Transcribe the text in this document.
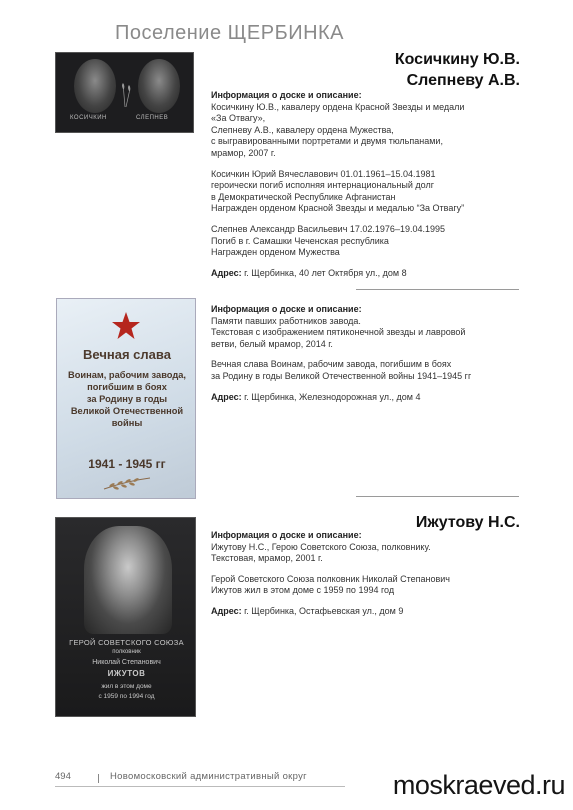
Поселение ЩЕРБИНКА
КОСИЧКИН	СЛЕПНЕВ
Косичкину Ю.В.
Слепневу А.В.

Информация о доске и описание:

Косичкину Ю.В., кавалеру ордена Красной Звезды и медали

«За Отвагу»,

Слепневу А.В., кавалеру ордена Мужества,

с выгравированными портретами и двумя тюльпанами,

мрамор, 2007 г.

Косичкин Юрий Вячеславович 01.01.1961–15.04.1981

героически погиб исполняя интернациональный долг

в Демократической Республике Афганистан

Награжден орденом Красной Звезды и медалью “За Отвагу”

Слепнев Александр Васильевич 17.02.1976–19.04.1995

Погиб в г. Самашки Чеченская республика

Награжден орденом Мужества

Адрес: г. Щербинка, 40 лет Октября ул., дом 8

Вечная слава
Воинам, рабочим завода,
погибшим в боях
за Родину в годы
Великой Отечественной
войны
1941 - 1945 гг

Информация о доске и описание:

Памяти павших работников завода.

Текстовая с изображением пятиконечной звезды и лавровой

ветви, белый мрамор, 2014 г.

Вечная слава Воинам, рабочим завода, погибшим в боях

за Родину в годы Великой Отечественной войны 1941–1945 гг

Адрес: г. Щербинка, Железнодорожная ул., дом 4

ГЕРОЙ СОВЕТСКОГО СОЮЗА
полковник
Николай Степанович
ИЖУТОВ
жил в этом доме
с 1959 по 1994 год
Ижутову Н.С.

Информация о доске и описание:

Ижутову Н.С., Герою Советского Союза, полковнику.

Текстовая, мрамор, 2001 г.

Герой Советского Союза полковник Николай Степанович

Ижутов жил в этом доме с 1959 по 1994 год

Адрес: г. Щербинка, Остафьевская ул., дом 9

494	Новомосковский административный округ	moskraeved.ru
